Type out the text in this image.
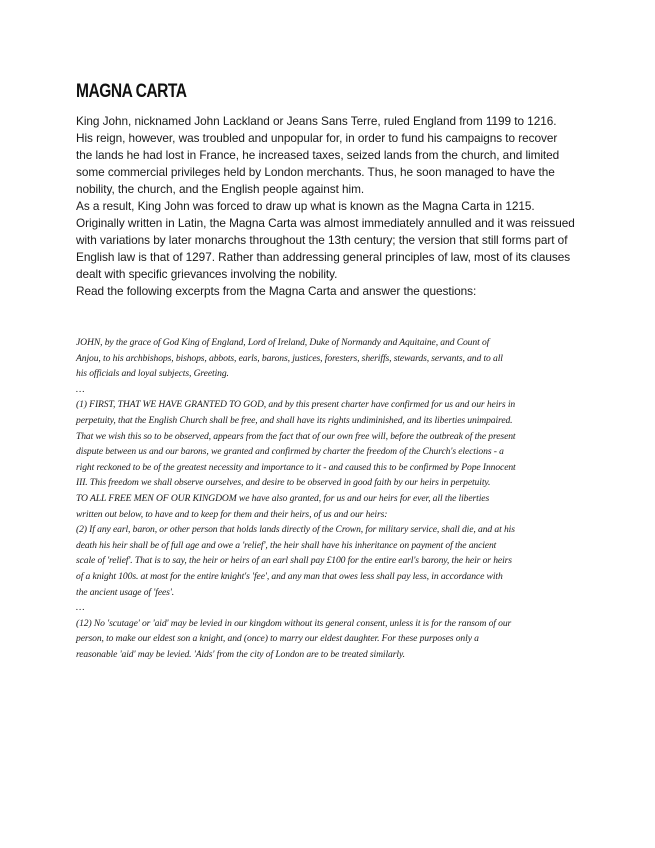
MAGNA CARTA

King John, nicknamed John Lackland or Jeans Sans Terre, ruled England from 1199 to 1216. His reign, however, was troubled and unpopular for, in order to fund his campaigns to recover the lands he had lost in France, he increased taxes, seized lands from the church, and limited some commercial privileges held by London merchants. Thus, he soon managed to have the nobility, the church, and the English people against him.

As a result, King John was forced to draw up what is known as the Magna Carta in 1215. Originally written in Latin, the Magna Carta was almost immediately annulled and it was reissued with variations by later monarchs throughout the 13th century; the version that still forms part of English law is that of 1297. Rather than addressing general principles of law, most of its clauses dealt with specific grievances involving the nobility.

Read the following excerpts from the Magna Carta and answer the questions:

JOHN, by the grace of God King of England, Lord of Ireland, Duke of Normandy and Aquitaine, and Count of Anjou, to his archbishops, bishops, abbots, earls, barons, justices, foresters, sheriffs, stewards, servants, and to all his officials and loyal subjects, Greeting.

…

(1) FIRST, THAT WE HAVE GRANTED TO GOD, and by this present charter have confirmed for us and our heirs in perpetuity, that the English Church shall be free, and shall have its rights undiminished, and its liberties unimpaired. That we wish this so to be observed, appears from the fact that of our own free will, before the outbreak of the present dispute between us and our barons, we granted and confirmed by charter the freedom of the Church's elections - a right reckoned to be of the greatest necessity and importance to it - and caused this to be confirmed by Pope Innocent III. This freedom we shall observe ourselves, and desire to be observed in good faith by our heirs in perpetuity.

TO ALL FREE MEN OF OUR KINGDOM we have also granted, for us and our heirs for ever, all the liberties written out below, to have and to keep for them and their heirs, of us and our heirs:

(2) If any earl, baron, or other person that holds lands directly of the Crown, for military service, shall die, and at his death his heir shall be of full age and owe a 'relief', the heir shall have his inheritance on payment of the ancient scale of 'relief'. That is to say, the heir or heirs of an earl shall pay £100 for the entire earl's barony, the heir or heirs of a knight 100s. at most for the entire knight's 'fee', and any man that owes less shall pay less, in accordance with the ancient usage of 'fees'.

…

(12) No 'scutage' or 'aid' may be levied in our kingdom without its general consent, unless it is for the ransom of our person, to make our eldest son a knight, and (once) to marry our eldest daughter. For these purposes only a reasonable 'aid' may be levied. 'Aids' from the city of London are to be treated similarly.
